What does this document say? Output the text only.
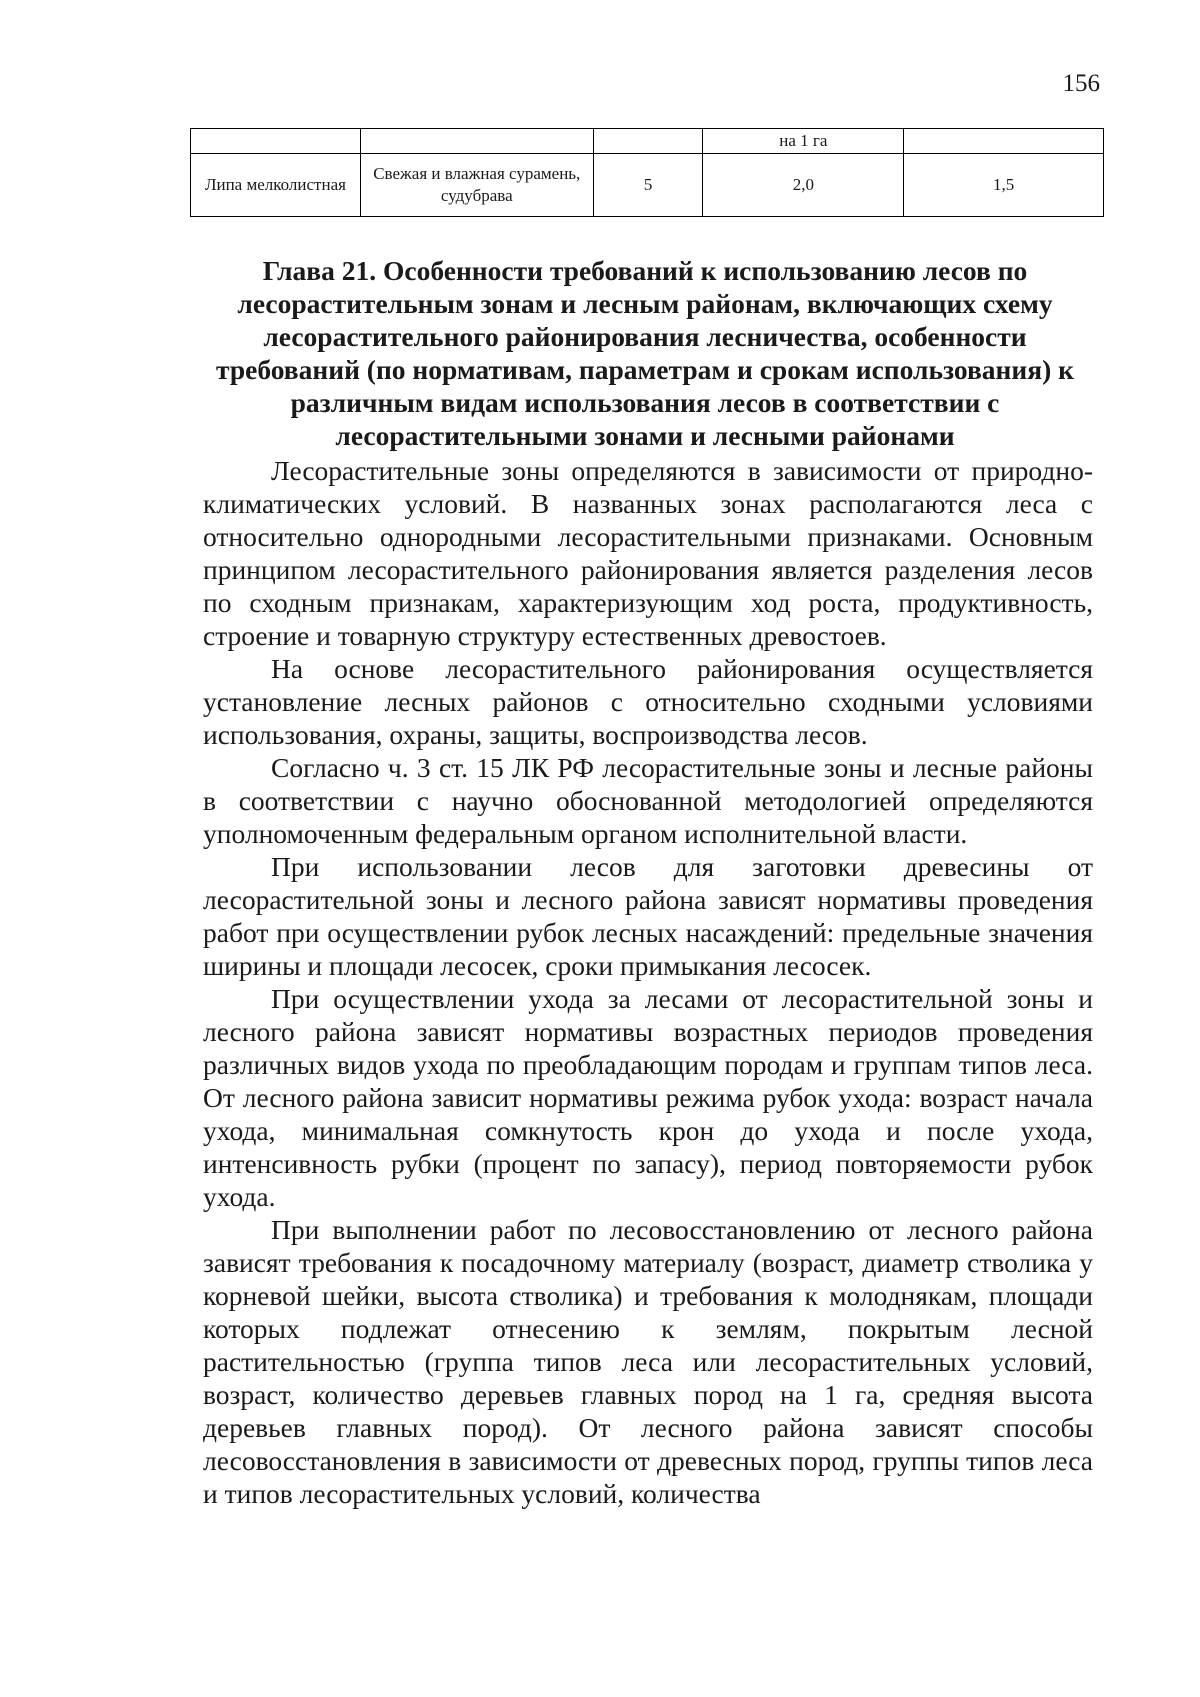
156
			на 1 га	
Липа мелколистная	Свежая и влажная сурамень, судубрава	5	2,0	1,5
Глава 21. Особенности требований к использованию лесов по лесорастительным зонам и лесным районам, включающих схему лесорастительного районирования лесничества, особенности требований (по нормативам, параметрам и срокам использования) к различным видам использования лесов в соответствии с лесорастительными зонами и лесными районами

Лесорастительные зоны определяются в зависимости от природно-климатических условий. В названных зонах располагаются леса с относительно однородными лесорастительными признаками. Основным принципом лесорастительного районирования является разделения лесов по сходным признакам, характеризующим ход роста, продуктивность, строение и товарную структуру естественных древостоев.

На основе лесорастительного районирования осуществляется установление лесных районов с относительно сходными условиями использования, охраны, защиты, воспроизводства лесов.

Согласно ч. 3 ст. 15 ЛК РФ лесорастительные зоны и лесные районы в соответствии с научно обоснованной методологией определяются уполномоченным федеральным органом исполнительной власти.

При использовании лесов для заготовки древесины от лесорастительной зоны и лесного района зависят нормативы проведения работ при осуществлении рубок лесных насаждений: предельные значения ширины и площади лесосек, сроки примыкания лесосек.

При осуществлении ухода за лесами от лесорастительной зоны и лесного района зависят нормативы возрастных периодов проведения различных видов ухода по преобладающим породам и группам типов леса. От лесного района зависит нормативы режима рубок ухода: возраст начала ухода, минимальная сомкнутость крон до ухода и после ухода, интенсивность рубки (процент по запасу), период повторяемости рубок ухода.

При выполнении работ по лесовосстановлению от лесного района зависят требования к посадочному материалу (возраст, диаметр стволика у корневой шейки, высота стволика) и требования к молоднякам, площади которых подлежат отнесению к землям, покрытым лесной растительностью (группа типов леса или лесорастительных условий, возраст, количество деревьев главных пород на 1 га, средняя высота деревьев главных пород). От лесного района зависят способы лесовосстановления в зависимости от древесных пород, группы типов леса и типов лесорастительных условий, количества
